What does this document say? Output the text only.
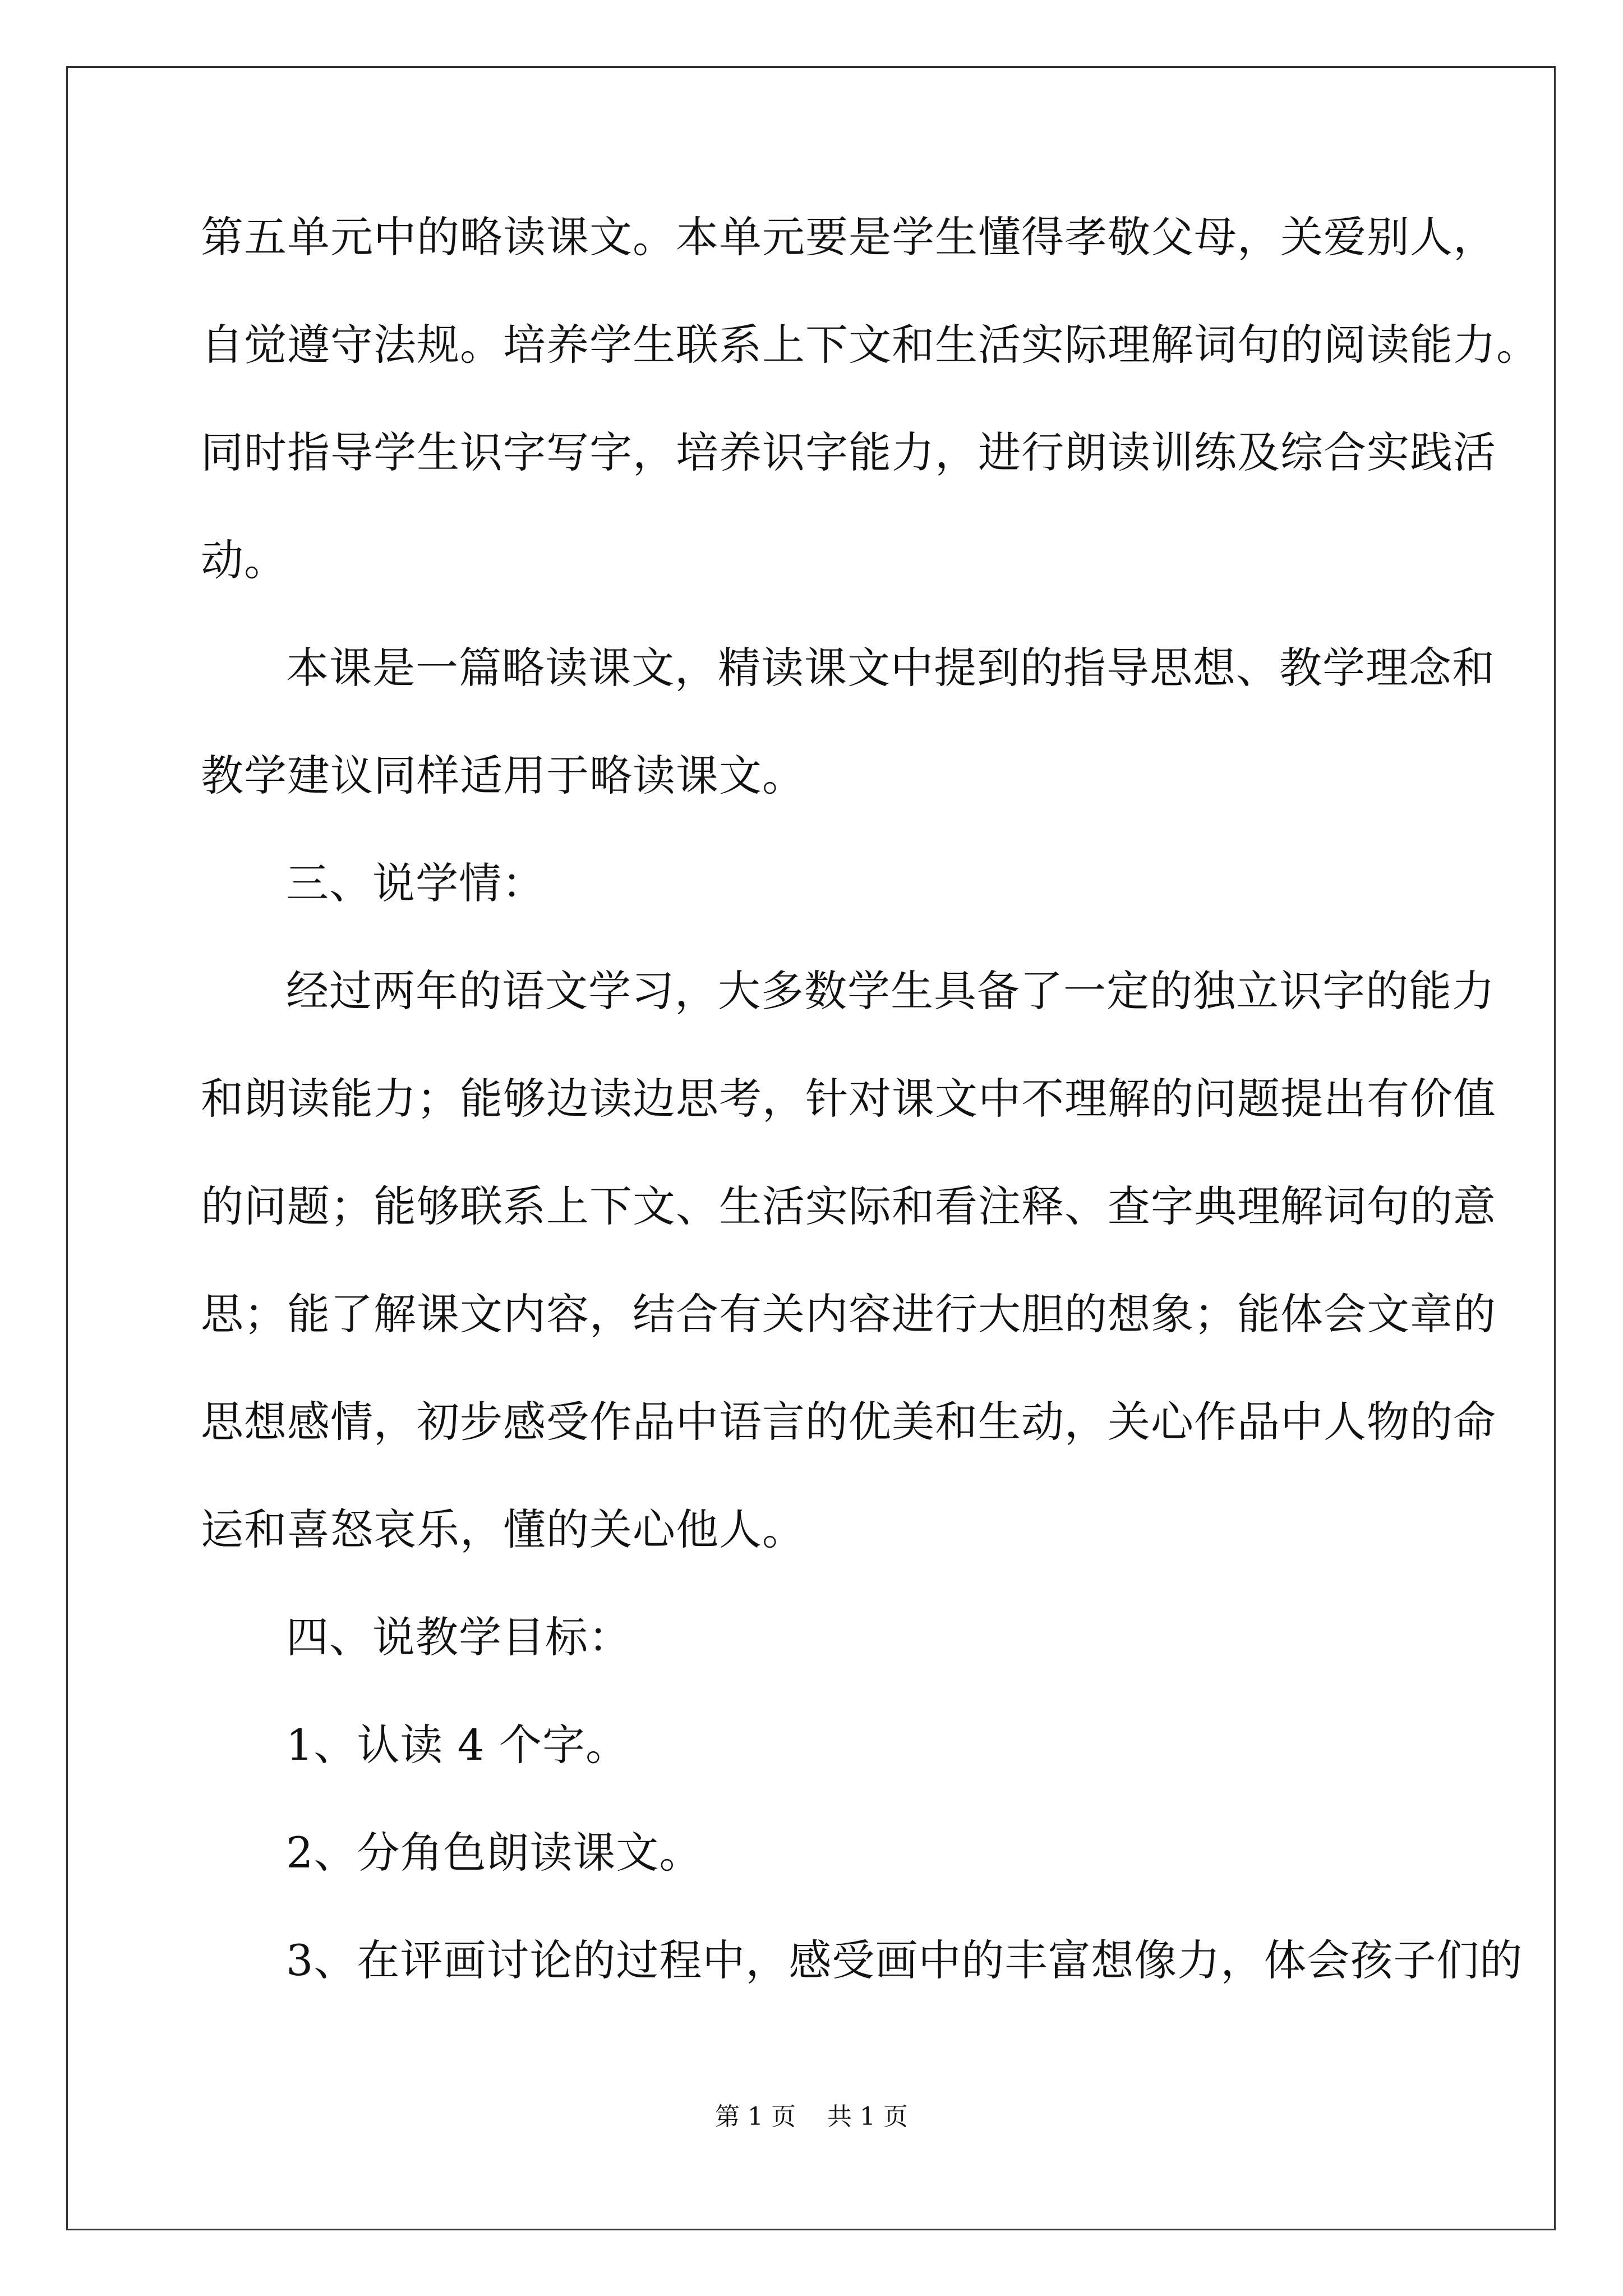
第五单元中的略读课文。本单元要是学生懂得孝敬父母，关爱别人，
自觉遵守法规。培养学生联系上下文和生活实际理解词句的阅读能力。
同时指导学生识字写字，培养识字能力，进行朗读训练及综合实践活
动。
本课是一篇略读课文，精读课文中提到的指导思想、教学理念和
教学建议同样适用于略读课文。
三、说学情：
经过两年的语文学习，大多数学生具备了一定的独立识字的能力
和朗读能力；能够边读边思考，针对课文中不理解的问题提出有价值
的问题；能够联系上下文、生活实际和看注释、查字典理解词句的意
思；能了解课文内容，结合有关内容进行大胆的想象；能体会文章的
思想感情，初步感受作品中语言的优美和生动，关心作品中人物的命
运和喜怒哀乐，懂的关心他人。
四、说教学目标：
1、认读 4 个字。
2、分角色朗读课文。
3、在评画讨论的过程中，感受画中的丰富想像力，体会孩子们的
第 1 页    共 1 页
